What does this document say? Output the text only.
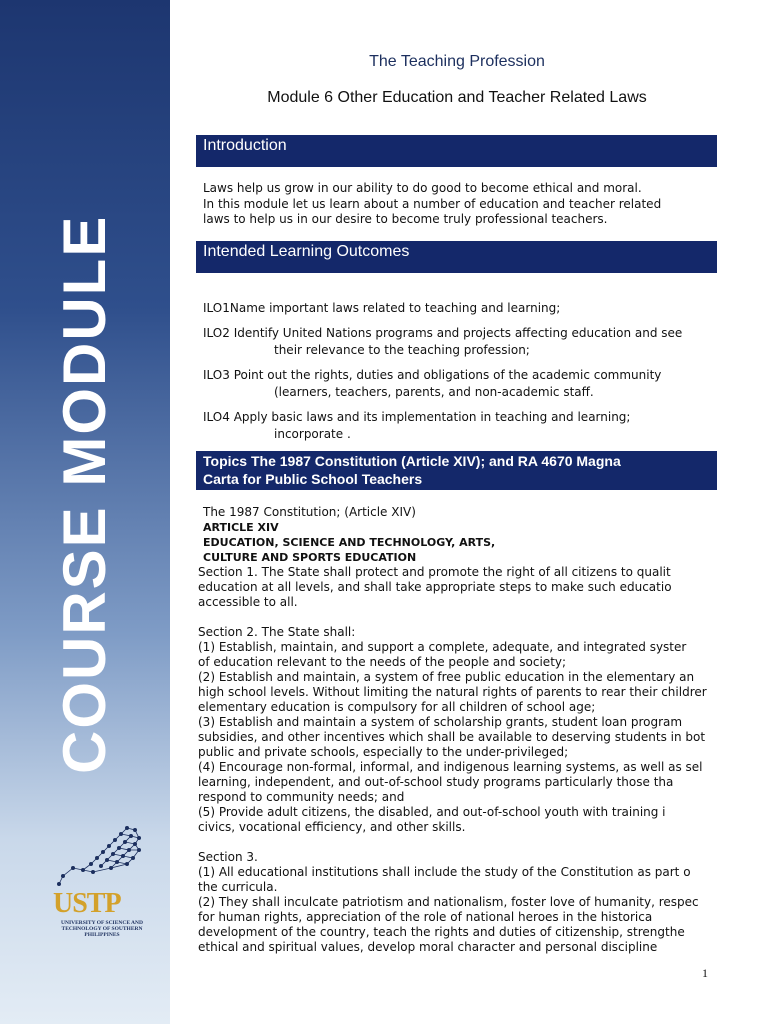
COURSE MODULE
USTP
UNIVERSITY OF SCIENCE AND TECHNOLOGY OF SOUTHERN PHILIPPINES
The Teaching Profession
Module 6 Other Education and Teacher Related Laws
Introduction
Laws help us grow in our ability to do good to become ethical and moral.
In this module let us learn about a number of education and teacher related
laws to help us in our desire to become truly professional teachers.
Intended Learning Outcomes
ILO1Name important laws related to teaching and learning;
ILO2 Identify United Nations programs and projects affecting education and see
their relevance to the teaching profession;
ILO3 Point out the rights, duties and obligations of the academic community
(learners, teachers, parents, and non-academic staff.
ILO4 Apply basic laws and its implementation in teaching and learning;
incorporate .
Topics The 1987 Constitution (Article XIV); and RA 4670 Magna
Carta for Public School Teachers
The 1987 Constitution; (Article XIV)
ARTICLE XIV
EDUCATION, SCIENCE AND TECHNOLOGY, ARTS,
CULTURE AND SPORTS EDUCATION
Section 1. The State shall protect and promote the right of all citizens to qualit
education at all levels, and shall take appropriate steps to make such educatio
accessible to all.
Section 2. The State shall:
(1) Establish, maintain, and support a complete, adequate, and integrated syster
of education relevant to the needs of the people and society;
(2) Establish and maintain, a system of free public education in the elementary an
high school levels. Without limiting the natural rights of parents to rear their childrer
elementary education is compulsory for all children of school age;
(3) Establish and maintain a system of scholarship grants, student loan program
subsidies, and other incentives which shall be available to deserving students in bot
public and private schools, especially to the under-privileged;
(4) Encourage non-formal, informal, and indigenous learning systems, as well as sel
learning, independent, and out-of-school study programs particularly those tha
respond to community needs; and
(5) Provide adult citizens, the disabled, and out-of-school youth with training i
civics, vocational efficiency, and other skills.
Section 3.
(1) All educational institutions shall include the study of the Constitution as part o
the curricula.
(2) They shall inculcate patriotism and nationalism, foster love of humanity, respec
for human rights, appreciation of the role of national heroes in the historica
development of the country, teach the rights and duties of citizenship, strengthe
ethical and spiritual values, develop moral character and personal discipline
1
